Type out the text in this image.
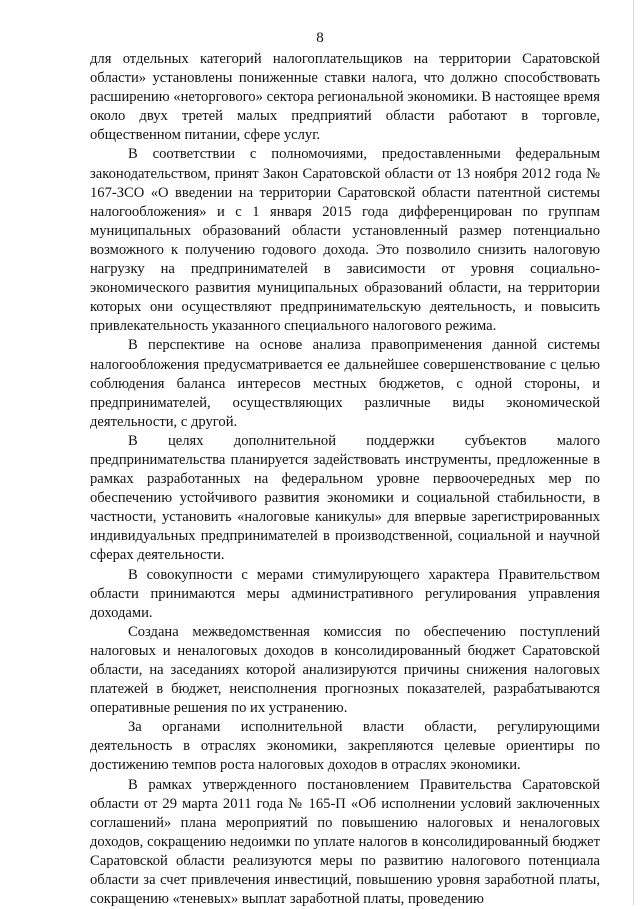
8

для отдельных категорий налогоплательщиков на территории Саратовской области» установлены пониженные ставки налога, что должно способствовать расширению «неторгового» сектора региональной экономики. В настоящее время около двух третей малых предприятий области работают в торговле, общественном питании, сфере услуг.

В соответствии с полномочиями, предоставленными федеральным законодательством, принят Закон Саратовской области от 13 ноября 2012 года № 167-ЗСО «О введении на территории Саратовской области патентной системы налогообложения» и с 1 января 2015 года дифференцирован по группам муниципальных образований области установленный размер потенциально возможного к получению годового дохода. Это позволило снизить налоговую нагрузку на предпринимателей в зависимости от уровня социально-экономического развития муниципальных образований области, на территории которых они осуществляют предпринимательскую деятельность, и повысить привлекательность указанного специального налогового режима.

В перспективе на основе анализа правоприменения данной системы налогообложения предусматривается ее дальнейшее совершенствование с целью соблюдения баланса интересов местных бюджетов, с одной стороны, и предпринимателей, осуществляющих различные виды экономической деятельности, с другой.

В целях дополнительной поддержки субъектов малого предпринимательства планируется задействовать инструменты, предложенные в рамках разработанных на федеральном уровне первоочередных мер по обеспечению устойчивого развития экономики и социальной стабильности, в частности, установить «налоговые каникулы» для впервые зарегистрированных индивидуальных предпринимателей в производственной, социальной и научной сферах деятельности.

В совокупности с мерами стимулирующего характера Правительством области принимаются меры административного регулирования управления доходами.

Создана межведомственная комиссия по обеспечению поступлений налоговых и неналоговых доходов в консолидированный бюджет Саратовской области, на заседаниях которой анализируются причины снижения налоговых платежей в бюджет, неисполнения прогнозных показателей, разрабатываются оперативные решения по их устранению.

За органами исполнительной власти области, регулирующими деятельность в отраслях экономики, закрепляются целевые ориентиры по достижению темпов роста налоговых доходов в отраслях экономики.

В рамках утвержденного постановлением Правительства Саратовской области от 29 марта 2011 года № 165-П «Об исполнении условий заключенных соглашений» плана мероприятий по повышению налоговых и неналоговых доходов, сокращению недоимки по уплате налогов в консолидированный бюджет Саратовской области реализуются меры по развитию налогового потенциала области за счет привлечения инвестиций, повышению уровня заработной платы, сокращению «теневых» выплат заработной платы, проведению
